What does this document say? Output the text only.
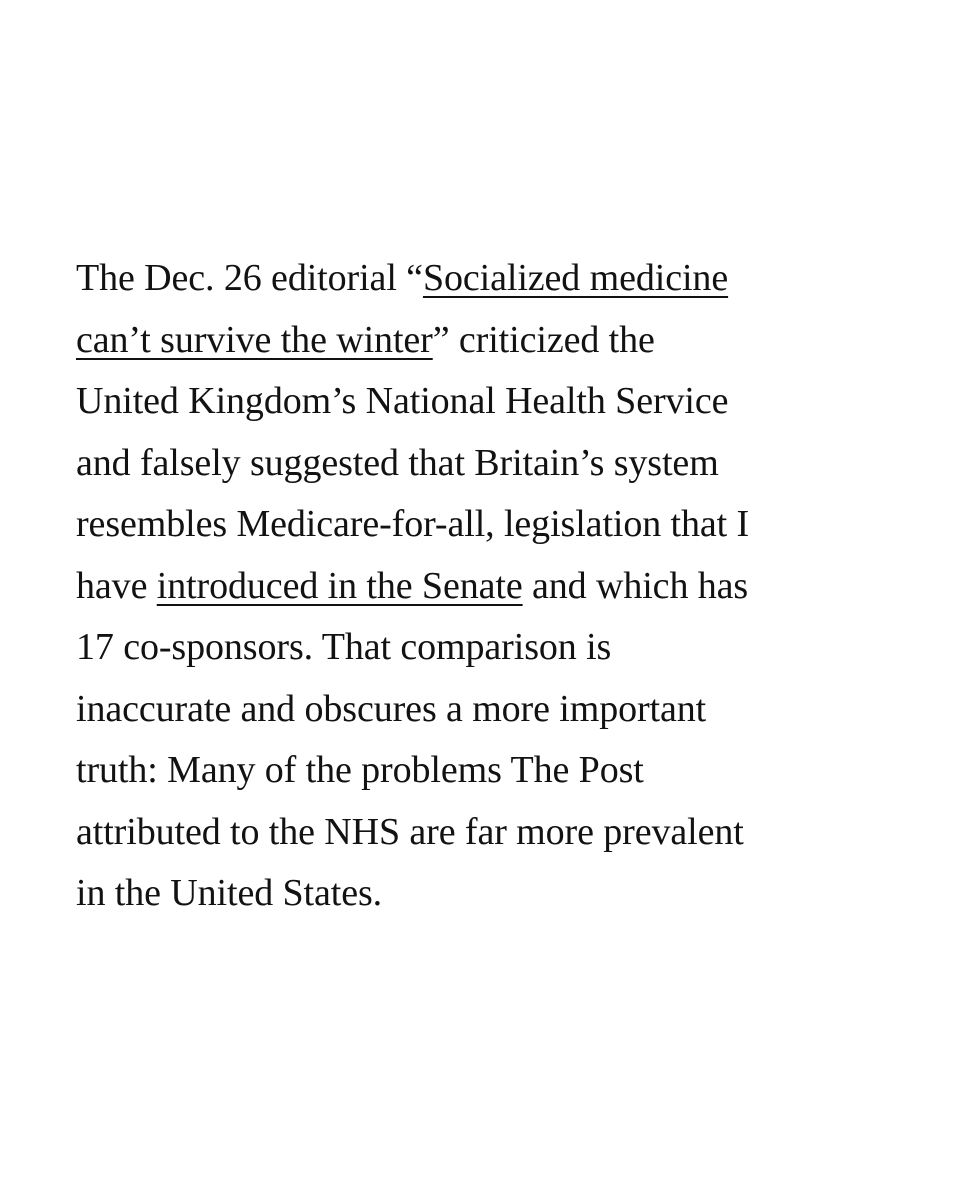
The Dec. 26 editorial “Socialized medicine
can’t survive the winter” criticized the
United Kingdom’s National Health Service
and falsely suggested that Britain’s system
resembles Medicare-for-all, legislation that I
have introduced in the Senate and which has
17 co-sponsors. That comparison is
inaccurate and obscures a more important
truth: Many of the problems The Post
attributed to the NHS are far more prevalent
in the United States.
